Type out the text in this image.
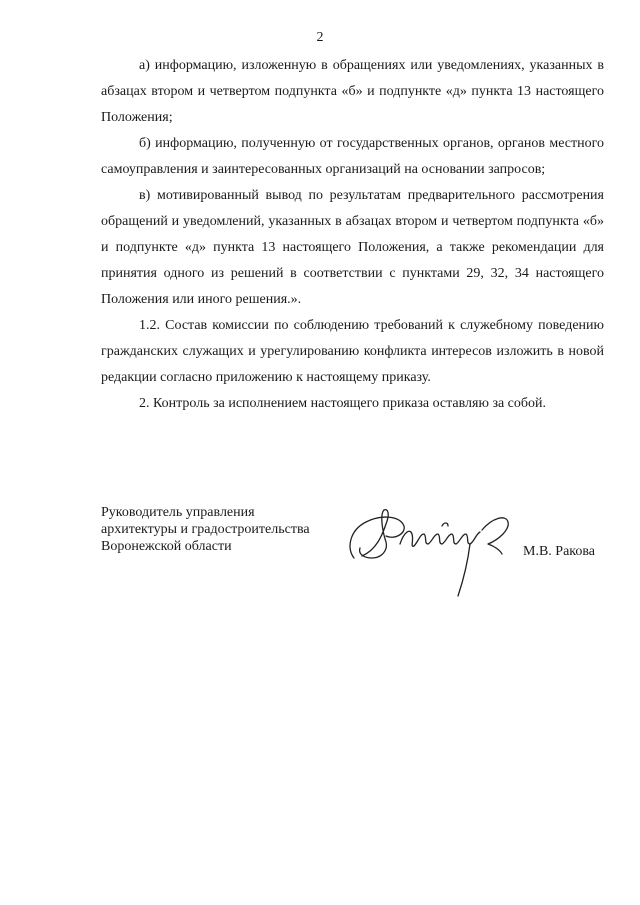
2

а) информацию, изложенную в обращениях или уведомлениях, указанных в абзацах втором и четвертом подпункта «б» и подпункте «д» пункта 13 настоящего Положения;

б) информацию, полученную от государственных органов, органов местного самоуправления и заинтересованных организаций на основании запросов;

в) мотивированный вывод по результатам предварительного рассмотрения обращений и уведомлений, указанных в абзацах втором и четвертом подпункта «б» и подпункте «д» пункта 13 настоящего Положения, а также рекомендации для принятия одного из решений в соответствии с пунктами 29, 32, 34 настоящего Положения или иного решения.».

1.2. Состав комиссии по соблюдению требований к служебному поведению гражданских служащих и урегулированию конфликта интересов изложить в новой редакции согласно приложению к настоящему приказу.

2. Контроль за исполнением настоящего приказа оставляю за собой.

Руководитель управления
архитектуры и градостроительства
Воронежской области	М.В. Ракова
